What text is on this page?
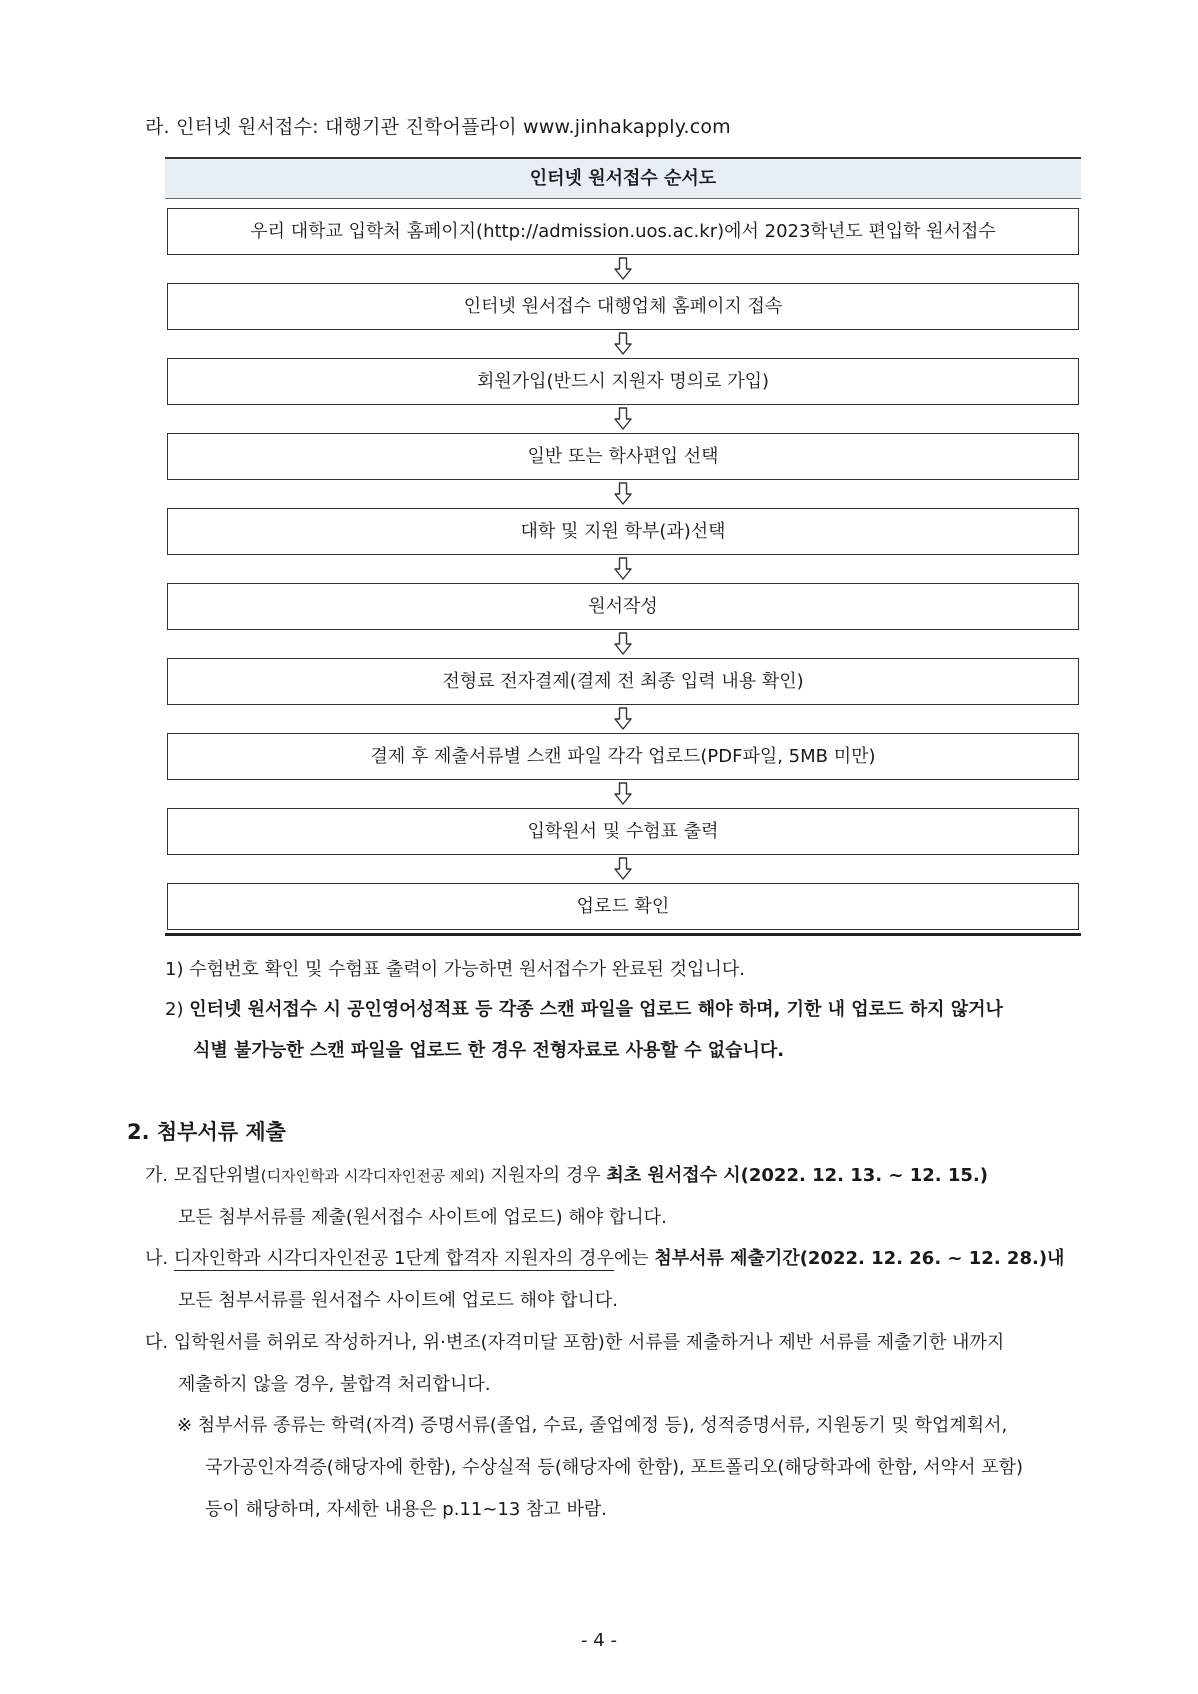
라. 인터넷 원서접수: 대행기관 진학어플라이 www.jinhakapply.com
인터넷 원서접수 순서도
우리 대학교 입학처 홈페이지(http://admission.uos.ac.kr)에서 2023학년도 편입학 원서접수
인터넷 원서접수 대행업체 홈페이지 접속
회원가입(반드시 지원자 명의로 가입)
일반 또는 학사편입 선택
대학 및 지원 학부(과)선택
원서작성
전형료 전자결제(결제 전 최종 입력 내용 확인)
결제 후 제출서류별 스캔 파일 각각 업로드(PDF파일, 5MB 미만)
입학원서 및 수험표 출력
업로드 확인
1) 수험번호 확인 및 수험표 출력이 가능하면 원서접수가 완료된 것입니다.
2) 인터넷 원서접수 시 공인영어성적표 등 각종 스캔 파일을 업로드 해야 하며, 기한 내 업로드 하지 않거나
식별 불가능한 스캔 파일을 업로드 한 경우 전형자료로 사용할 수 없습니다.
2. 첨부서류 제출
가. 모집단위별(디자인학과 시각디자인전공 제외) 지원자의 경우 최초 원서접수 시(2022. 12. 13. ~ 12. 15.)
모든 첨부서류를 제출(원서접수 사이트에 업로드) 해야 합니다.
나. 디자인학과 시각디자인전공 1단계 합격자 지원자의 경우에는 첨부서류 제출기간(2022. 12. 26. ~ 12. 28.)내
모든 첨부서류를 원서접수 사이트에 업로드 해야 합니다.
다. 입학원서를 허위로 작성하거나, 위·변조(자격미달 포함)한 서류를 제출하거나 제반 서류를 제출기한 내까지
제출하지 않을 경우, 불합격 처리합니다.
※ 첨부서류 종류는 학력(자격) 증명서류(졸업, 수료, 졸업예정 등), 성적증명서류, 지원동기 및 학업계획서,
국가공인자격증(해당자에 한함), 수상실적 등(해당자에 한함), 포트폴리오(해당학과에 한함, 서약서 포함)
등이 해당하며, 자세한 내용은 p.11~13 참고 바람.
- 4 -
